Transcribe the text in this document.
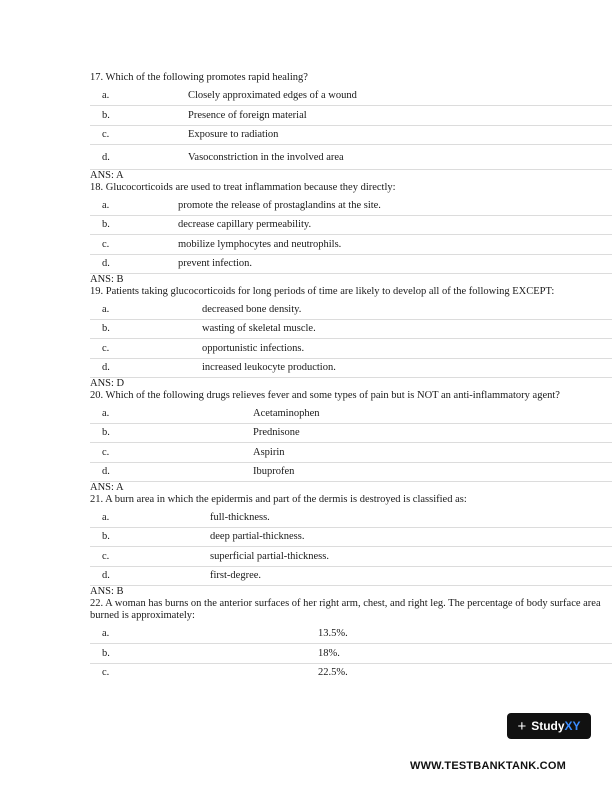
17. Which of the following promotes rapid healing?
a.	Closely approximated edges of a wound
b.	Presence of foreign material
c.	Exposure to radiation
d.	Vasoconstriction in the involved area
ANS: A
18. Glucocorticoids are used to treat inflammation because they directly:
a.	promote the release of prostaglandins at the site.
b.	decrease capillary permeability.
c.	mobilize lymphocytes and neutrophils.
d.	prevent infection.
ANS: B
19. Patients taking glucocorticoids for long periods of time are likely to develop all of the following EXCEPT:
a.	decreased bone density.
b.	wasting of skeletal muscle.
c.	opportunistic infections.
d.	increased leukocyte production.
ANS: D
20. Which of the following drugs relieves fever and some types of pain but is NOT an anti-inflammatory agent?
a.	Acetaminophen
b.	Prednisone
c.	Aspirin
d.	Ibuprofen
ANS: A
21. A burn area in which the epidermis and part of the dermis is destroyed is classified as:
a.	full-thickness.
b.	deep partial-thickness.
c.	superficial partial-thickness.
d.	first-degree.
ANS: B
22. A woman has burns on the anterior surfaces of her right arm, chest, and right leg. The percentage of body surface area burned is approximately:
a.	13.5%.
b.	18%.
c.	22.5%.
+ StudyXY
WWW.TESTBANKTANK.COM
